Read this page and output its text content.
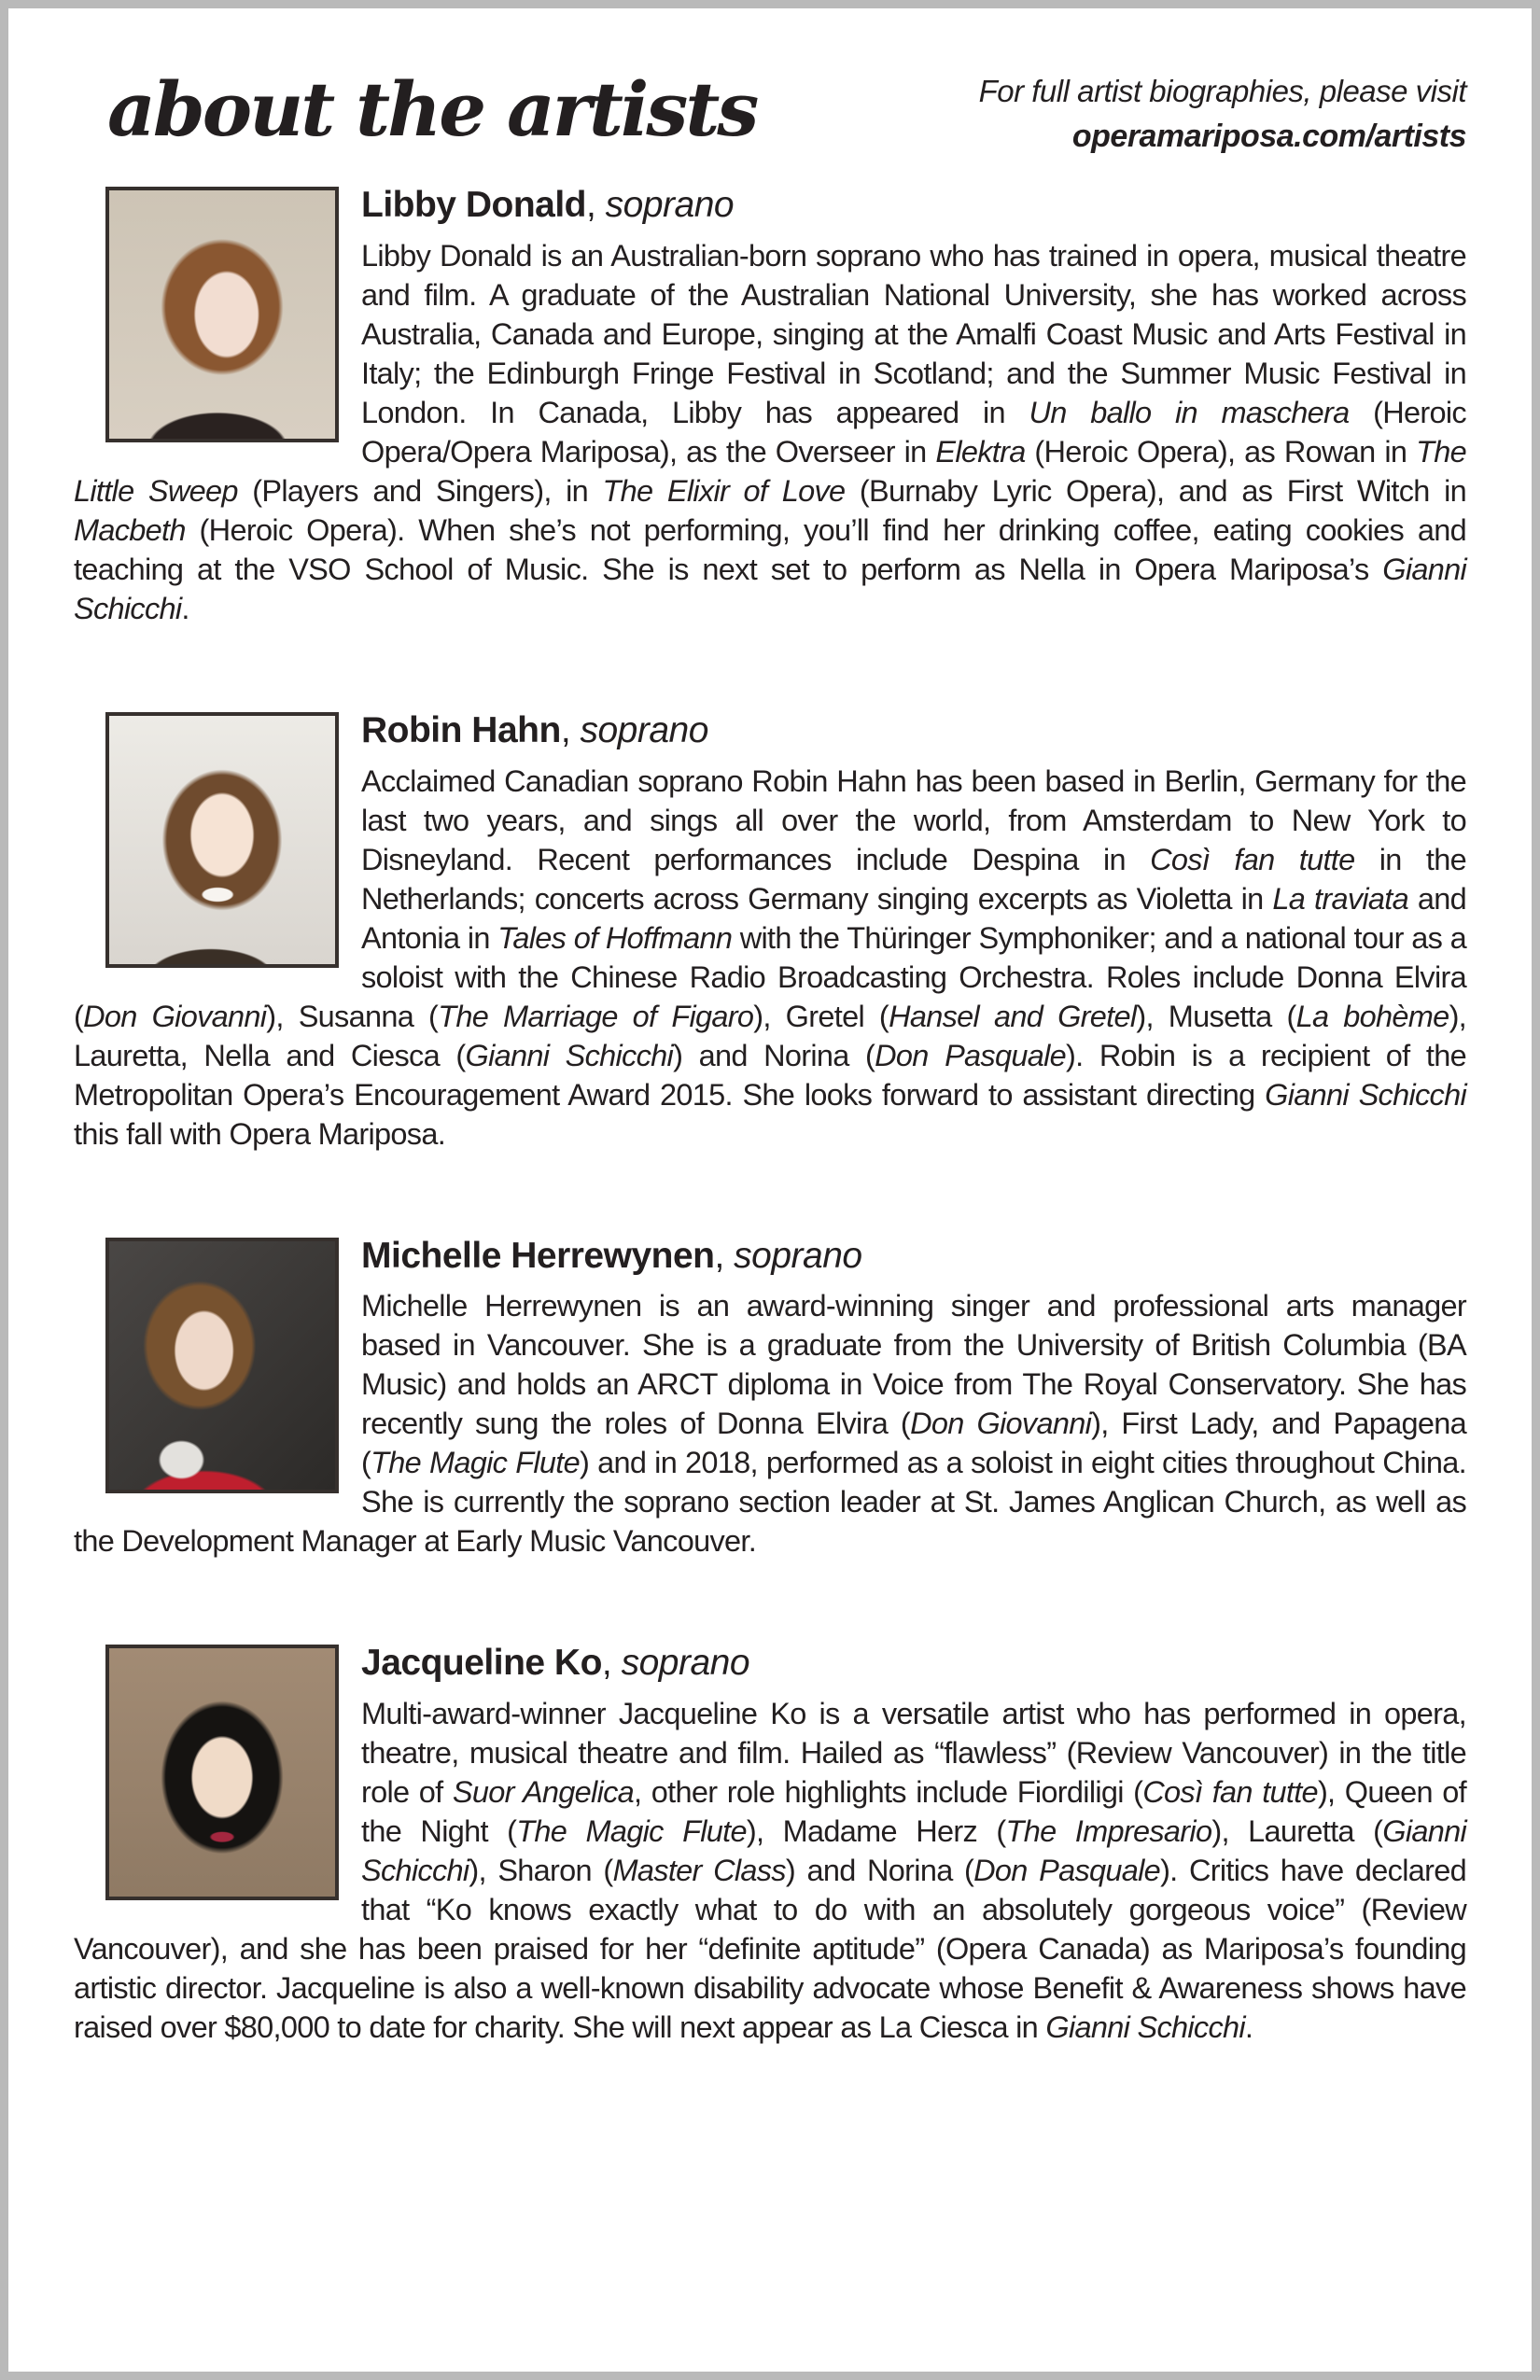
about the artists	For full artist biographies, please visit
operamariposa.com/artists
Libby Donald, soprano

Libby Donald is an Australian-born soprano who has trained in opera, musical theatre and film. A graduate of the Australian National University, she has worked across Australia, Canada and Europe, singing at the Amalfi Coast Music and Arts Festival in Italy; the Edinburgh Fringe Festival in Scotland; and the Summer Music Festival in London. In Canada, Libby has appeared in Un ballo in maschera (Heroic Opera/Opera Mariposa), as the Overseer in Elektra (Heroic Opera), as Rowan in The Little Sweep (Players and Singers), in The Elixir of Love (Burnaby Lyric Opera), and as First Witch in Macbeth (Heroic Opera). When she’s not performing, you’ll find her drinking coffee, eating cookies and teaching at the VSO School of Music. She is next set to perform as Nella in Opera Mariposa’s Gianni Schicchi.

Robin Hahn, soprano

Acclaimed Canadian soprano Robin Hahn has been based in Berlin, Germany for the last two years, and sings all over the world, from Amsterdam to New York to Disneyland. Recent performances include Despina in Così fan tutte in the Netherlands; concerts across Germany singing excerpts as Violetta in La traviata and Antonia in Tales of Hoffmann with the Thüringer Symphoniker; and a national tour as a soloist with the Chinese Radio Broadcasting Orchestra. Roles include Donna Elvira (Don Giovanni), Susanna (The Marriage of Figaro), Gretel (Hansel and Gretel), Musetta (La bohème), Lauretta, Nella and Ciesca (Gianni Schicchi) and Norina (Don Pasquale). Robin is a recipient of the Metropolitan Opera’s Encouragement Award 2015. She looks forward to assistant directing Gianni Schicchi this fall with Opera Mariposa.

Michelle Herrewynen, soprano

Michelle Herrewynen is an award-winning singer and professional arts manager based in Vancouver. She is a graduate from the University of British Columbia (BA Music) and holds an ARCT diploma in Voice from The Royal Conservatory. She has recently sung the roles of Donna Elvira (Don Giovanni), First Lady, and Papagena (The Magic Flute) and in 2018, performed as a soloist in eight cities throughout China. She is currently the soprano section leader at St. James Anglican Church, as well as the Development Manager at Early Music Vancouver.

Jacqueline Ko, soprano

Multi-award-winner Jacqueline Ko is a versatile artist who has performed in opera, theatre, musical theatre and film. Hailed as “flawless” (Review Vancouver) in the title role of Suor Angelica, other role highlights include Fiordiligi (Così fan tutte), Queen of the Night (The Magic Flute), Madame Herz (The Impresario), Lauretta (Gianni Schicchi), Sharon (Master Class) and Norina (Don Pasquale). Critics have declared that “Ko knows exactly what to do with an absolutely gorgeous voice” (Review Vancouver), and she has been praised for her “definite aptitude” (Opera Canada) as Mariposa’s founding artistic director. Jacqueline is also a well-known disability advocate whose Benefit & Awareness shows have raised over $80,000 to date for charity. She will next appear as La Ciesca in Gianni Schicchi.
